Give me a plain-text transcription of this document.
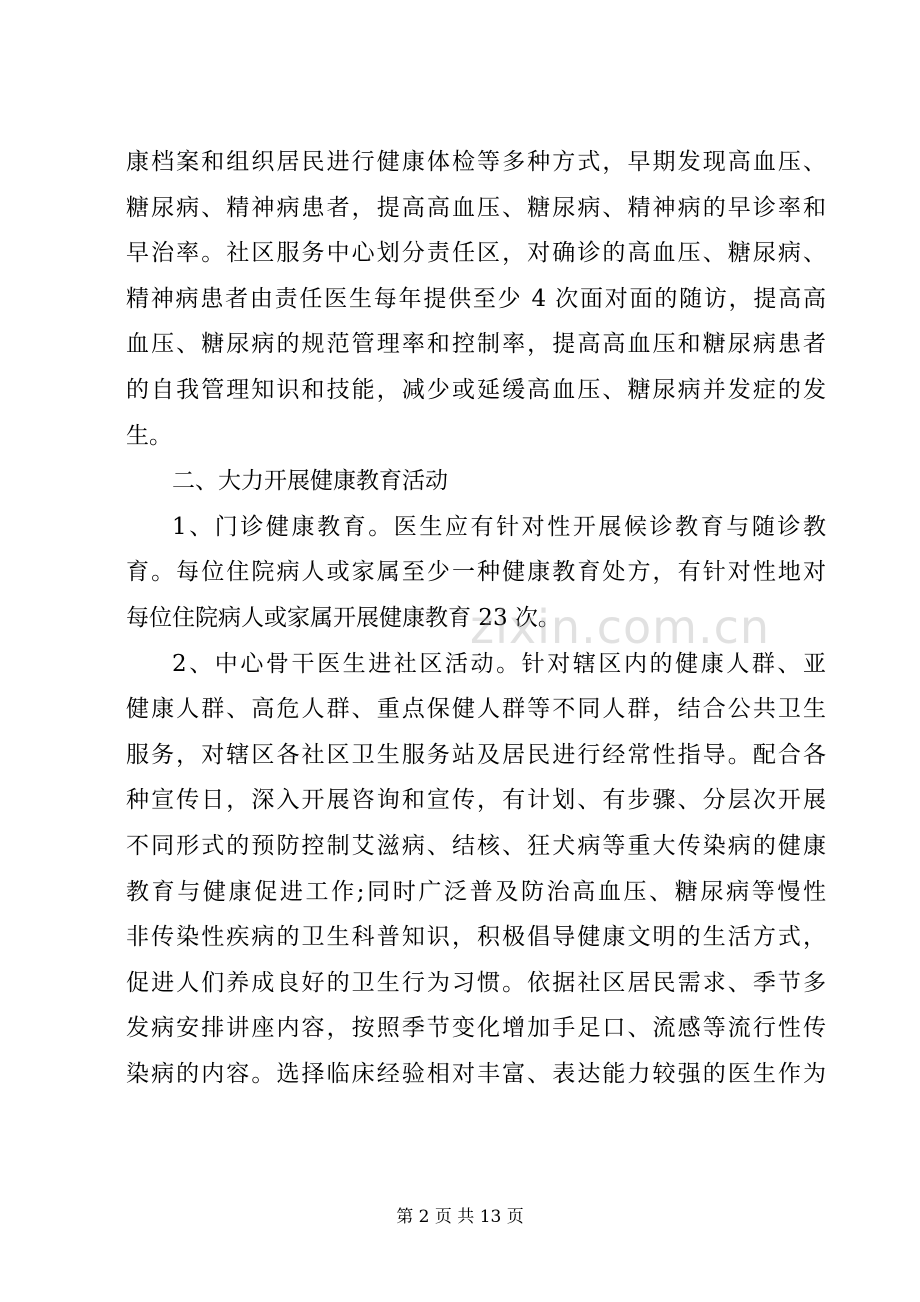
康档案和组织居民进行健康体检等多种方式，早期发现高血压、
糖尿病、精神病患者，提高高血压、糖尿病、精神病的早诊率和
早治率。社区服务中心划分责任区，对确诊的高血压、糖尿病、
精神病患者由责任医生每年提供至少 4 次面对面的随访，提高高
血压、糖尿病的规范管理率和控制率，提高高血压和糖尿病患者
的自我管理知识和技能，减少或延缓高血压、糖尿病并发症的发
生。
二、大力开展健康教育活动
1、门诊健康教育。医生应有针对性开展候诊教育与随诊教
育。每位住院病人或家属至少一种健康教育处方，有针对性地对
每位住院病人或家属开展健康教育 23 次。
2、中心骨干医生进社区活动。针对辖区内的健康人群、亚
健康人群、高危人群、重点保健人群等不同人群，结合公共卫生
服务，对辖区各社区卫生服务站及居民进行经常性指导。配合各
种宣传日，深入开展咨询和宣传，有计划、有步骤、分层次开展
不同形式的预防控制艾滋病、结核、狂犬病等重大传染病的健康
教育与健康促进工作;同时广泛普及防治高血压、糖尿病等慢性
非传染性疾病的卫生科普知识，积极倡导健康文明的生活方式，
促进人们养成良好的卫生行为习惯。依据社区居民需求、季节多
发病安排讲座内容，按照季节变化增加手足口、流感等流行性传
染病的内容。选择临床经验相对丰富、表达能力较强的医生作为
zixin.com.cn
第 2 页 共 13 页
